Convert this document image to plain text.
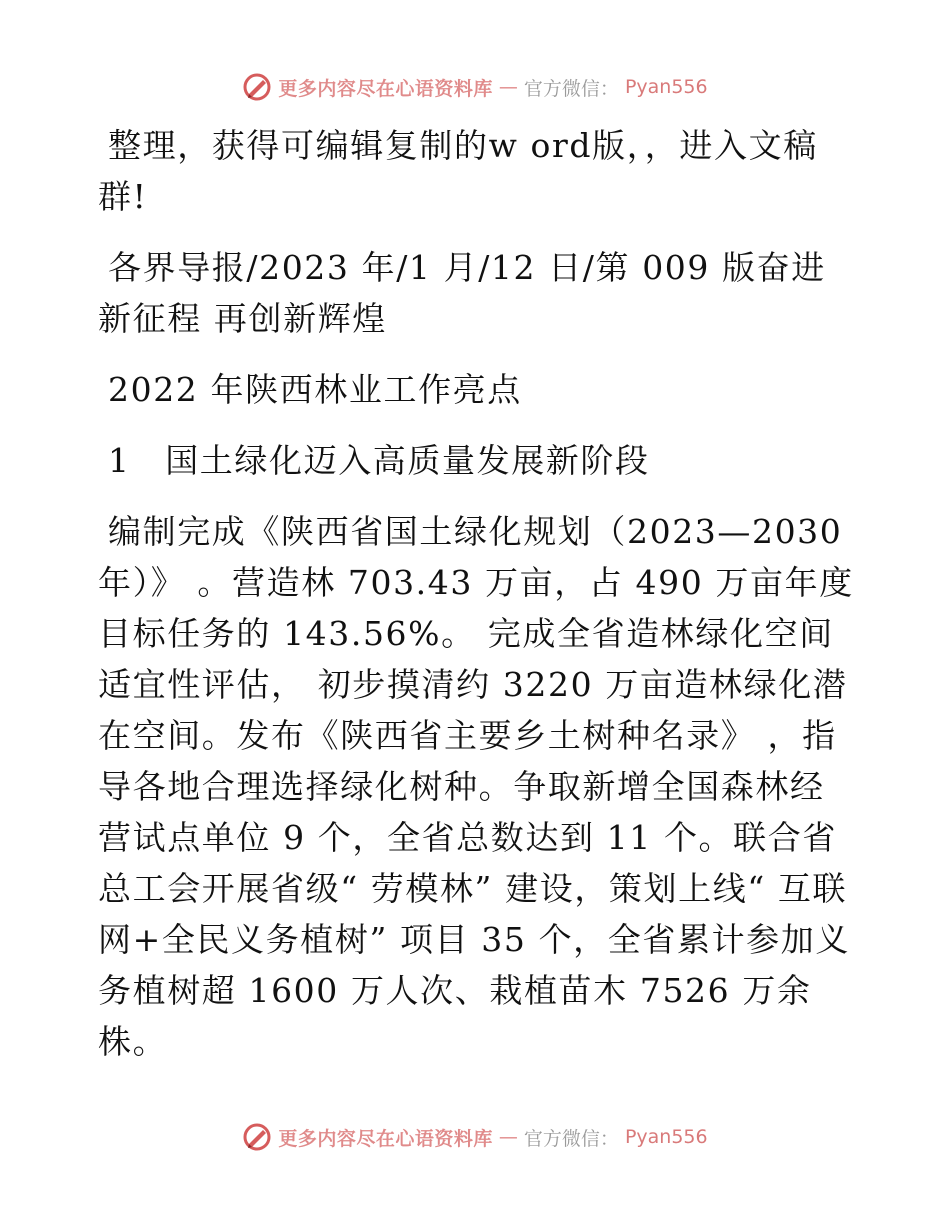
更多内容尽在心语资料库 — 官方微信： Pyan556

整理，获得可编辑复制的w ord版，，进入文稿群!

各界导报/2023 年/1 月/12 日/第 009 版奋进新征程 再创新辉煌

2022 年陕西林业工作亮点

1　国土绿化迈入高质量发展新阶段

编制完成《陕西省国土绿化规划（2023—2030 年）》 。营造林 703.43 万亩，占 490 万亩年度目标任务的 143.56%。 完成全省造林绿化空间适宜性评估， 初步摸清约 3220 万亩造林绿化潜在空间。发布《陕西省主要乡土树种名录》 ，指导各地合理选择绿化树种。争取新增全国森林经营试点单位 9 个，全省总数达到 11 个。联合省总工会开展省级“ 劳模林” 建设，策划上线“ 互联网+全民义务植树” 项目 35 个，全省累计参加义务植树超 1600 万人次、栽植苗木 7526 万余株。

更多内容尽在心语资料库 — 官方微信： Pyan556
